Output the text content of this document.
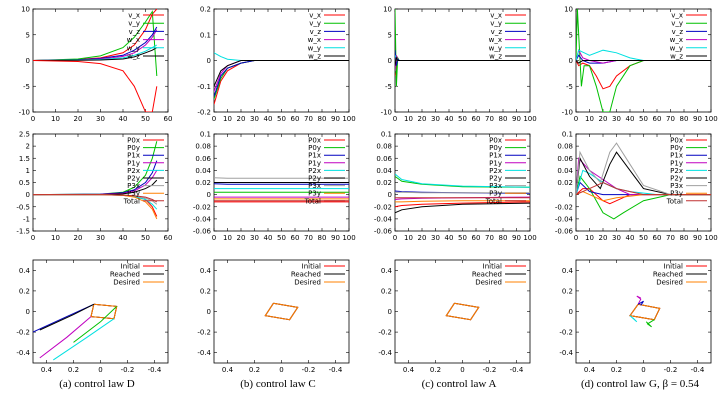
0 10 20 30 40 50 60
-10
-5
0
5
10
v_x
v_y
v_z
w_x
w_y
w_z
0 10 20 30 40 50 60 70 80 90 100
-0.2
-0.1
0
0.1
0.2
v_x
v_y
v_z
w_x
w_y
w_z
0 10 20 30 40 50 60 70 80 90 100
-10
-5
0
5
10
v_x
v_y
v_z
w_x
w_y
w_z
0 10 20 30 40 50 60 70 80 90 100
-10
-5
0
5
10
v_x
v_y
v_z
w_x
w_y
w_z
0 10 20 30 40 50 60
-1.5
-1
-0.5
0
0.5
1
1.5
2
2.5
P0x
P0y
P1x
P1y
P2x
P2y
P3x
P3y
Total
0 10 20 30 40 50 60 70 80 90 100
-0.06
-0.04
-0.02
0
0.02
0.04
0.06
0.08
0.1
P0x
P0y
P1x
P1y
P2x
P2y
P3x
P3y
Total
0 10 20 30 40 50 60 70 80 90 100
-0.06
-0.04
-0.02
0
0.02
0.04
0.06
0.08
0.1
P0x
P0y
P1x
P1y
P2x
P2y
P3x
P3y
Total
0 10 20 30 40 50 60 70 80 90 100
-0.06
-0.04
-0.02
0
0.02
0.04
0.06
0.08
0.1
P0x
P0y
P1x
P1y
P2x
P2y
P3x
P3y
Total
0.4 0.2	0	-0.2 -0.4
-0.4
-0.2
0
0.2
0.4
Initial
Reached
Desired
0.4 0.2	0	-0.2 -0.4
-0.4
-0.2
0
0.2
0.4
Initial
Reached
Desired
0.4 0.2	0	-0.2 -0.4
-0.4
-0.2
0
0.2
0.4
Initial
Reached
Desired
0.4 0.2	0	-0.2 -0.4
-0.4
-0.2
0
0.2
0.4
Initial
Reached
Desired
(a) control law D	(b) control law C	(c) control law A	(d) control law G, β = 0.54
